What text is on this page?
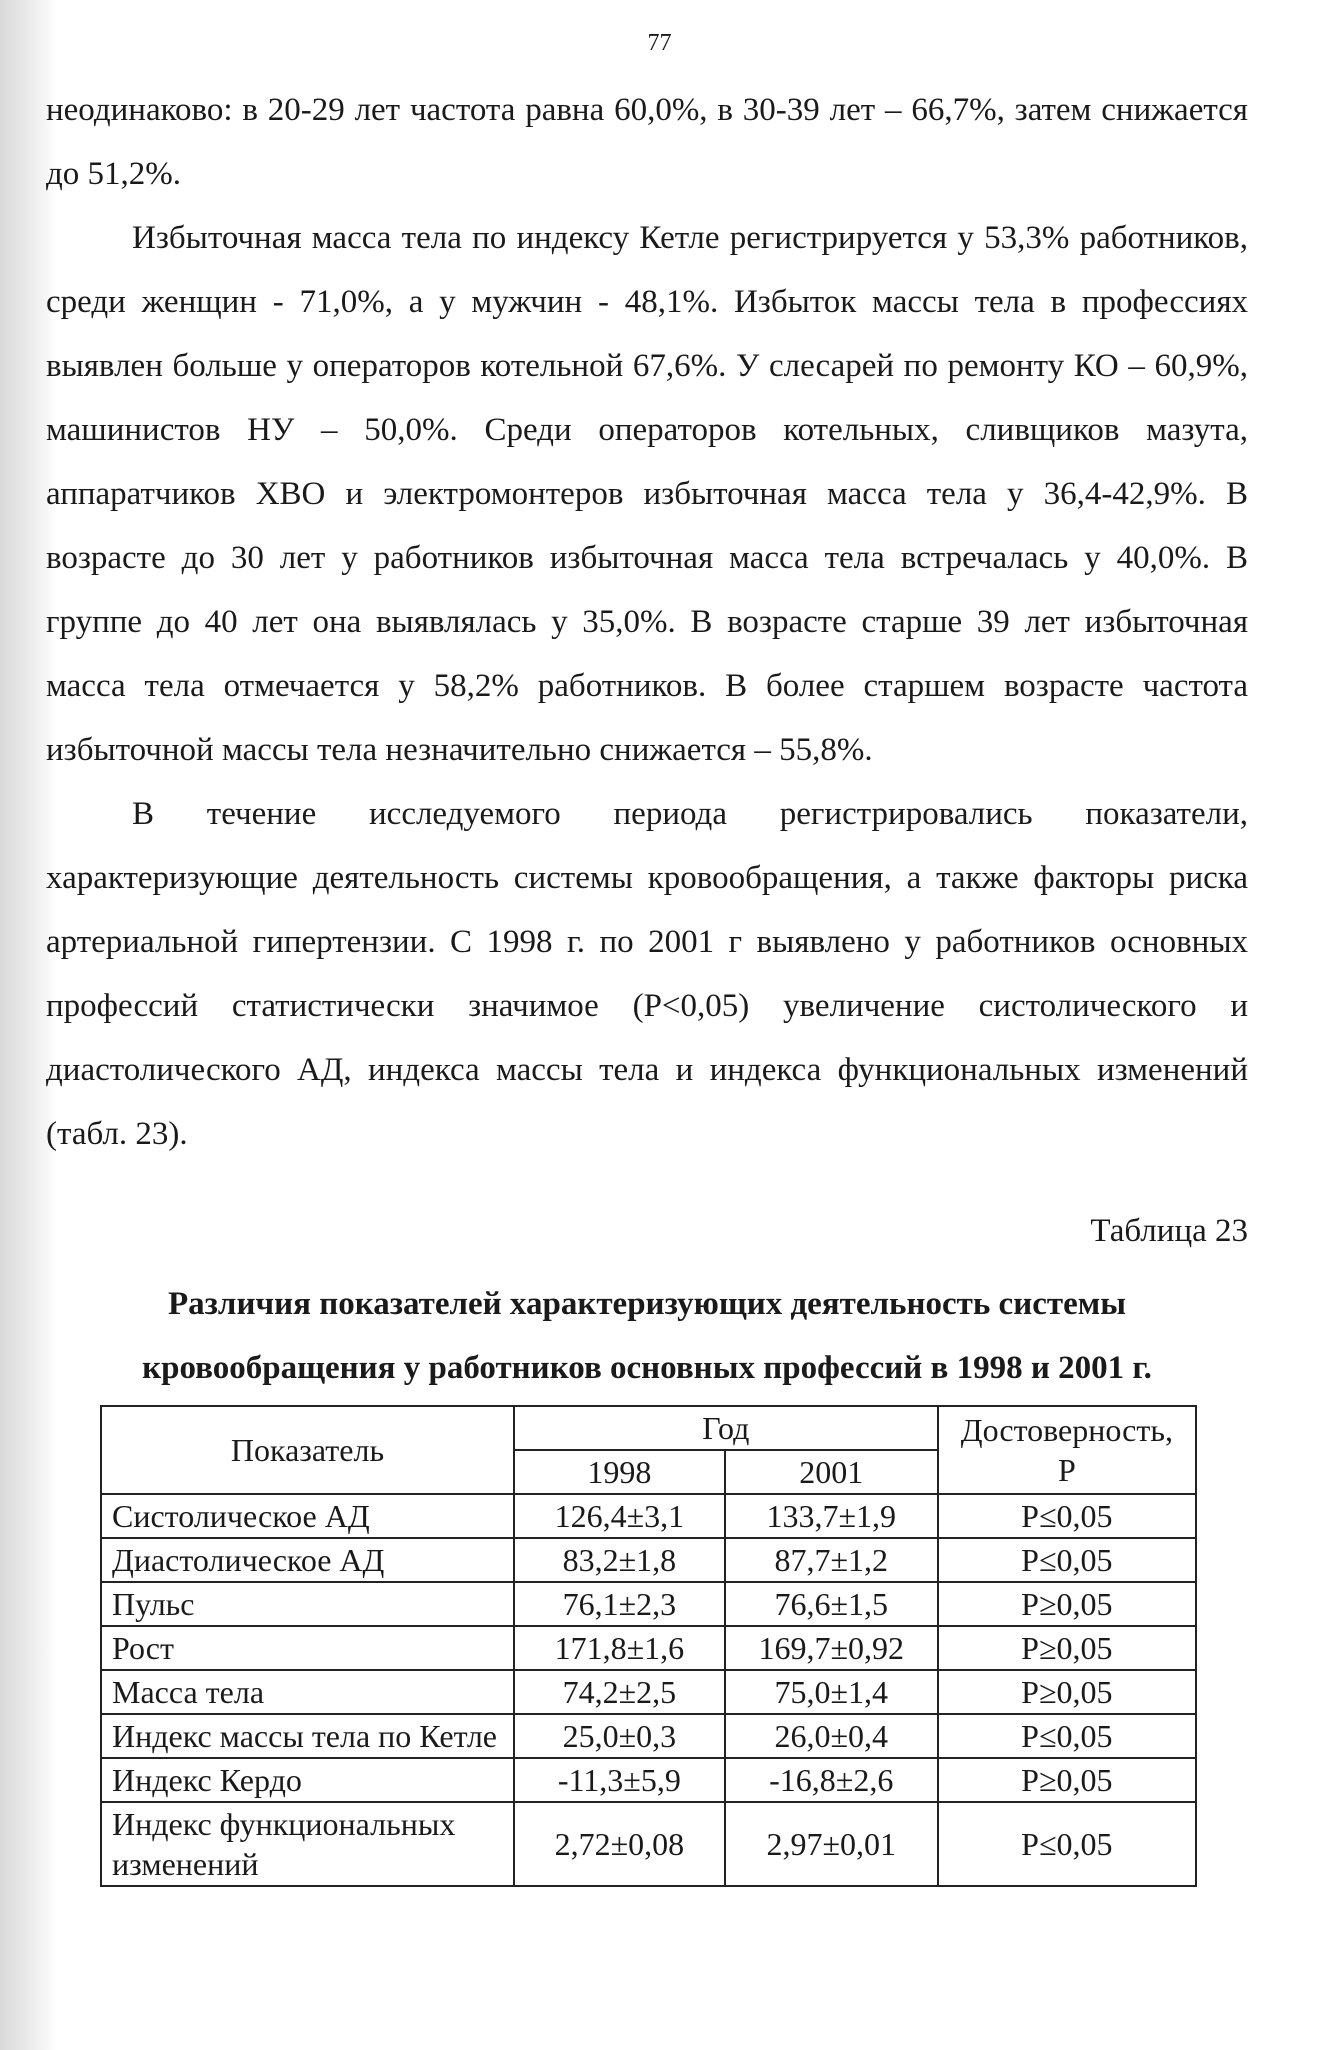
77

неодинаково: в 20-29 лет частота равна 60,0%, в 30-39 лет – 66,7%, затем снижается до 51,2%.

Избыточная масса тела по индексу Кетле регистрируется у 53,3% работников, среди женщин - 71,0%, а у мужчин - 48,1%. Избыток массы тела в профессиях выявлен больше у операторов котельной 67,6%. У слесарей по ремонту КО – 60,9%, машинистов НУ – 50,0%. Среди операторов котельных, сливщиков мазута, аппаратчиков ХВО и электромонтеров избыточная масса тела у 36,4-42,9%. В возрасте до 30 лет у работников избыточная масса тела встречалась у 40,0%. В группе до 40 лет она выявлялась у 35,0%. В возрасте старше 39 лет избыточная масса тела отмечается у 58,2% работников. В более старшем возрасте частота избыточной массы тела незначительно снижается – 55,8%.

В течение исследуемого периода регистрировались показатели, характеризующие деятельность системы кровообращения, а также факторы риска артериальной гипертензии. С 1998 г. по 2001 г выявлено у работников основных профессий статистически значимое (Р<0,05) увеличение систолического и диастолического АД, индекса массы тела и индекса функциональных изменений (табл. 23).

Таблица 23
Различия показателей характеризующих деятельность системы кровообращения у работников основных профессий в 1998 и 2001 г.
Показатель	Год		Достоверность, Р
	1998	2001	
Систолическое АД	126,4±3,1	133,7±1,9	Р≤0,05
Диастолическое АД	83,2±1,8	87,7±1,2	Р≤0,05
Пульс	76,1±2,3	76,6±1,5	Р≥0,05
Рост	171,8±1,6	169,7±0,92	Р≥0,05
Масса тела	74,2±2,5	75,0±1,4	Р≥0,05
Индекс массы тела по Кетле	25,0±0,3	26,0±0,4	Р≤0,05
Индекс Кердо	-11,3±5,9	-16,8±2,6	Р≥0,05
Индекс функциональных изменений	2,72±0,08	2,97±0,01	Р≤0,05
